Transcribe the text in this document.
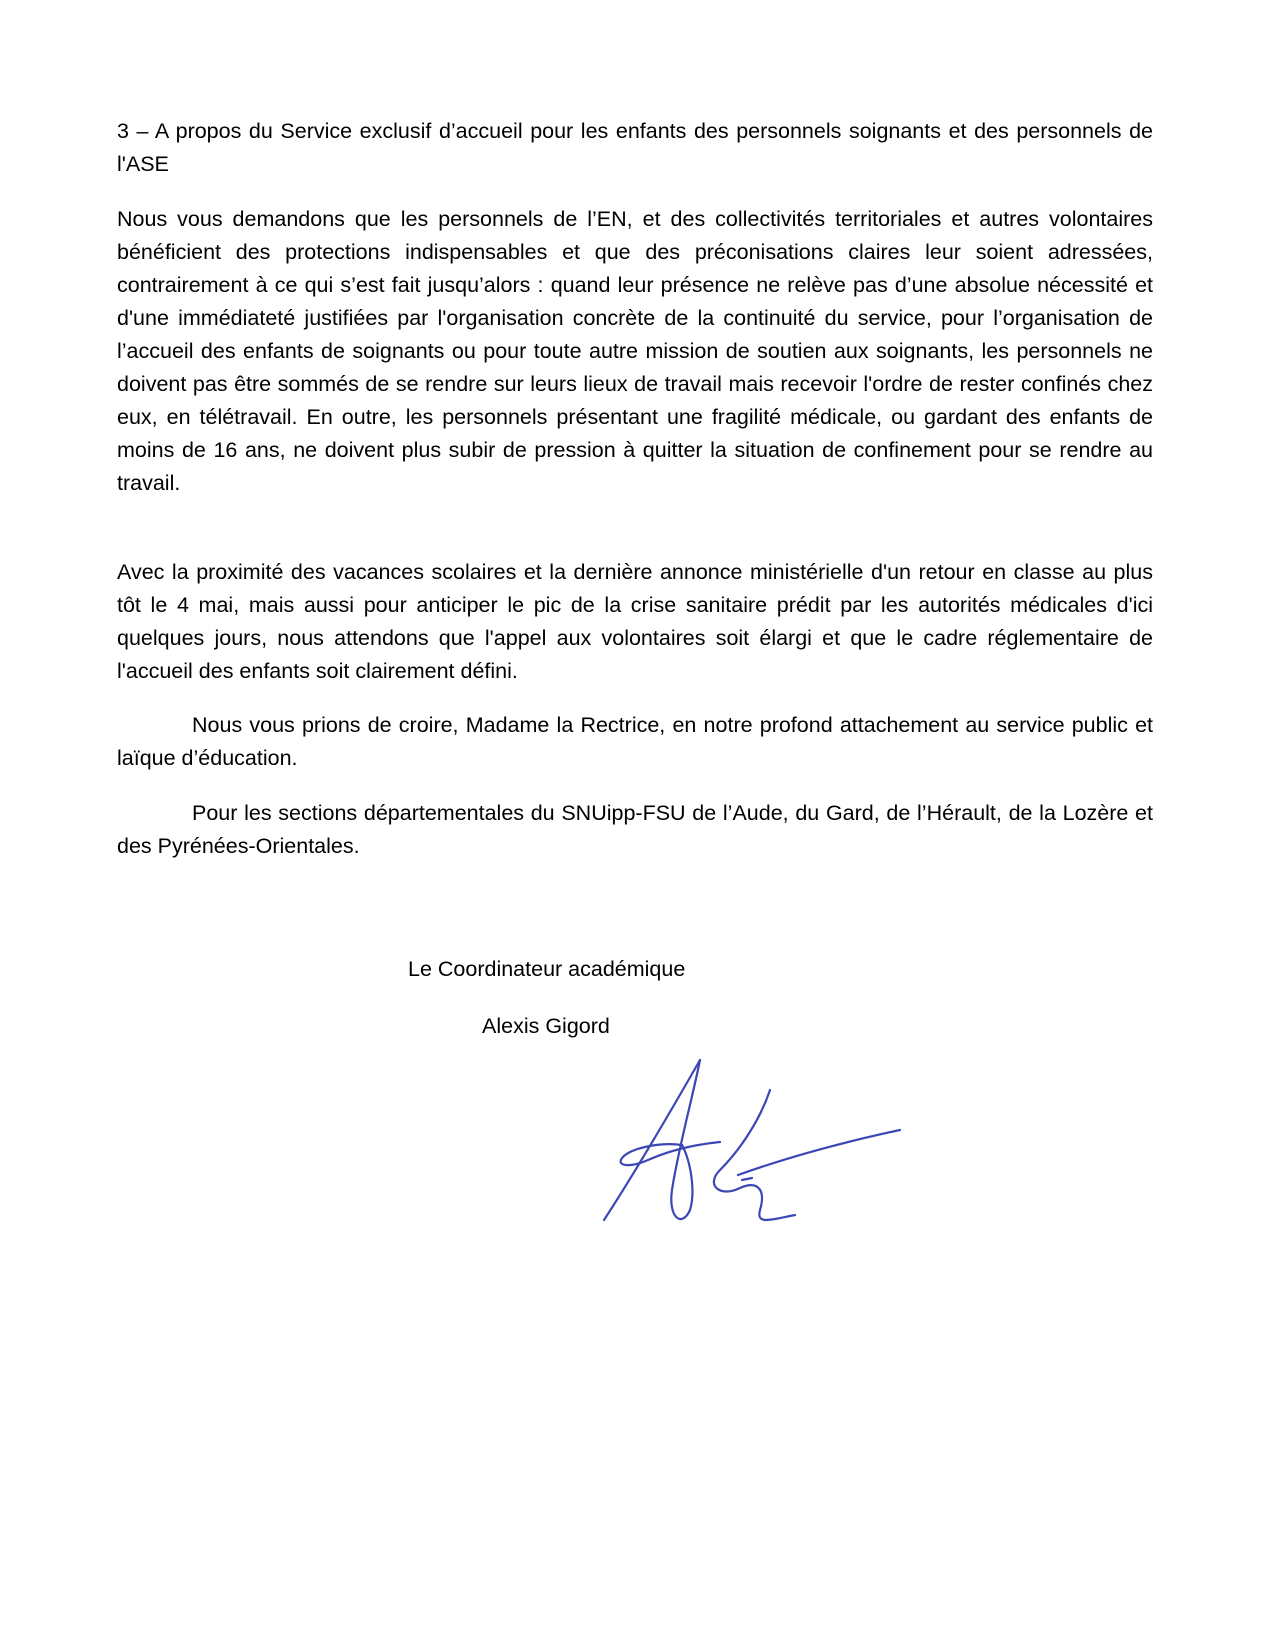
3 – A propos du Service exclusif d’accueil pour les enfants des personnels soignants et des personnels de l'ASE

Nous vous demandons que les personnels de l’EN, et des collectivités territoriales et autres volontaires bénéficient des protections indispensables et que des préconisations claires leur soient adressées, contrairement à ce qui s’est fait jusqu’alors : quand leur présence ne relève pas d’une absolue nécessité et d'une immédiateté justifiées par l'organisation concrète de la continuité du service, pour l’organisation de l’accueil des enfants de soignants ou pour toute autre mission de soutien aux soignants, les personnels ne doivent pas être sommés de se rendre sur leurs lieux de travail mais recevoir l'ordre de rester confinés chez eux, en télétravail. En outre, les personnels présentant une fragilité médicale, ou gardant des enfants de moins de 16 ans, ne doivent plus subir de pression à quitter la situation de confinement pour se rendre au travail.

Avec la proximité des vacances scolaires et la dernière annonce ministérielle d'un retour en classe au plus tôt le 4 mai, mais aussi pour anticiper le pic de la crise sanitaire prédit par les autorités médicales d'ici quelques jours, nous attendons que l'appel aux volontaires soit élargi et que le cadre réglementaire de l'accueil des enfants soit clairement défini.

Nous vous prions de croire, Madame la Rectrice, en notre profond attachement au service public et laïque d’éducation.

Pour les sections départementales du SNUipp-FSU de l’Aude, du Gard, de l’Hérault, de la Lozère et des Pyrénées-Orientales.

Le Coordinateur académique

Alexis Gigord
